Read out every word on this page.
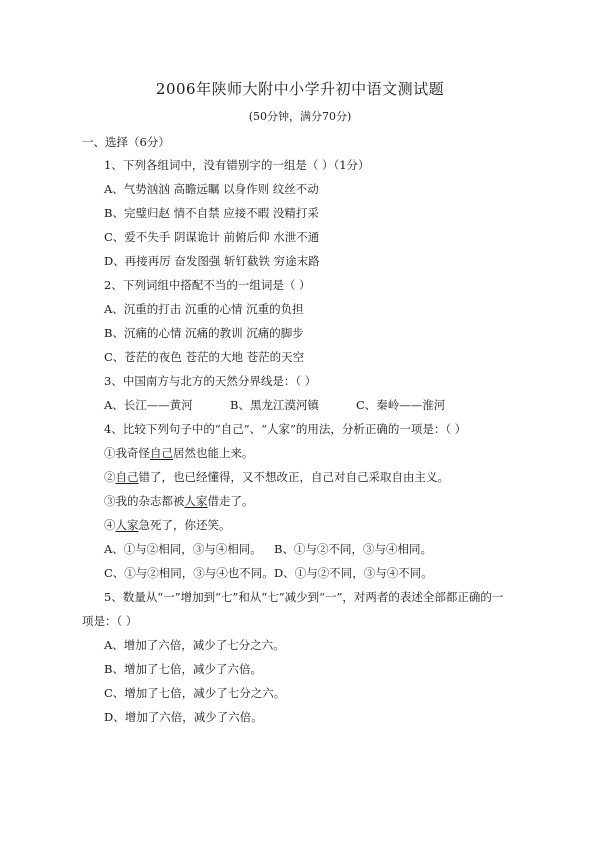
2006年陕师大附中小学升初中语文测试题
(50分钟，满分70分)
一、选择（6分）
1、下列各组词中，没有错别字的一组是（ ）（1分）
A、气势汹汹 高瞻远瞩 以身作则 纹丝不动
B、完璧归赵 情不自禁 应接不暇 没精打采
C、爱不失手 阴谋诡计 前俯后仰 水泄不通
D、再接再厉 奋发图强 斩钉截铁 穷途末路
2、下列词组中搭配不当的一组词是（ ）
A、沉重的打击 沉重的心情 沉重的负担
B、沉痛的心情 沉痛的教训 沉痛的脚步
C、苍茫的夜色 苍茫的大地 苍茫的天空
3、中国南方与北方的天然分界线是：（ ）
A、长江——黄河	B、黑龙江漠河镇	C、秦岭——淮河
4、比较下列句子中的“自己”、“人家”的用法，分析正确的一项是：（ ）
①我奇怪自己居然也能上来。
②自己错了，也已经懂得，又不想改正，自己对自己采取自由主义。
③我的杂志都被人家借走了。
④人家急死了，你还笑。
A、①与②相同，③与④相同。 B、①与②不同，③与④相同。
C、①与②相同，③与④也不同。D、①与②不同，③与④不同。
5、数量从“一”增加到“七”和从“七”减少到“一”，对两者的表述全部都正确的一
项是：（ ）
A、增加了六倍，减少了七分之六。
B、增加了七倍，减少了六倍。
C、增加了七倍，减少了七分之六。
D、增加了六倍，减少了六倍。
